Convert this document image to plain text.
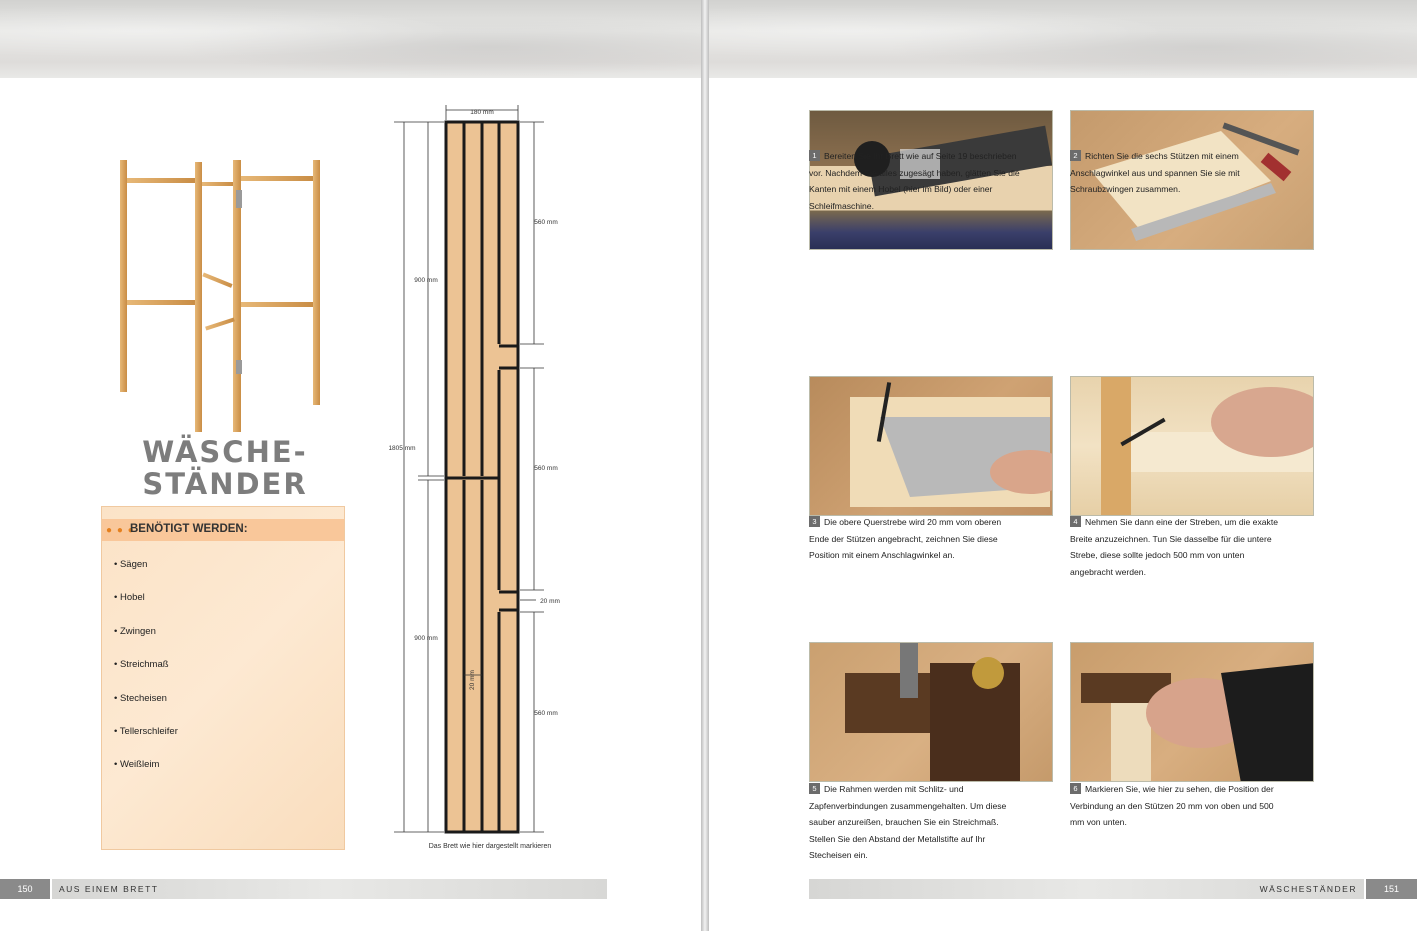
WÄSCHE-
STÄNDER
● ● ●
BENÖTIGT WERDEN:
• Sägen
• Hobel
• Zwingen
• Streichmaß
• Stecheisen
• Tellerschleifer
• Weißleim
180 mm
1805 mm
900 mm
900 mm
560 mm
560 mm
560 mm
20 mm
20 mm
Das Brett wie hier dargestellt markieren
150	AUS EINEM BRETT
1 Bereiten Sie Ihr Brett wie auf Seite 19 beschrieben vor. Nachdem Sie alles zugesägt haben, glätten Sie die Kanten mit einem Hobel (hier im Bild) oder einer Schleifmaschine.
2 Richten Sie die sechs Stützen mit einem Anschlagwinkel aus und spannen Sie sie mit Schraubzwingen zusammen.
3 Die obere Querstrebe wird 20 mm vom oberen Ende der Stützen angebracht, zeichnen Sie diese Position mit einem Anschlagwinkel an.
4 Nehmen Sie dann eine der Streben, um die exakte Breite anzuzeichnen. Tun Sie dasselbe für die untere Strebe, diese sollte jedoch 500 mm von unten angebracht werden.
5 Die Rahmen werden mit Schlitz- und Zapfenverbindungen zusammengehalten. Um diese sauber anzureißen, brauchen Sie ein Streichmaß. Stellen Sie den Abstand der Metallstifte auf Ihr Stecheisen ein.
6 Markieren Sie, wie hier zu sehen, die Position der Verbindung an den Stützen 20 mm von oben und 500 mm von unten.
WÄSCHESTÄNDER	151
